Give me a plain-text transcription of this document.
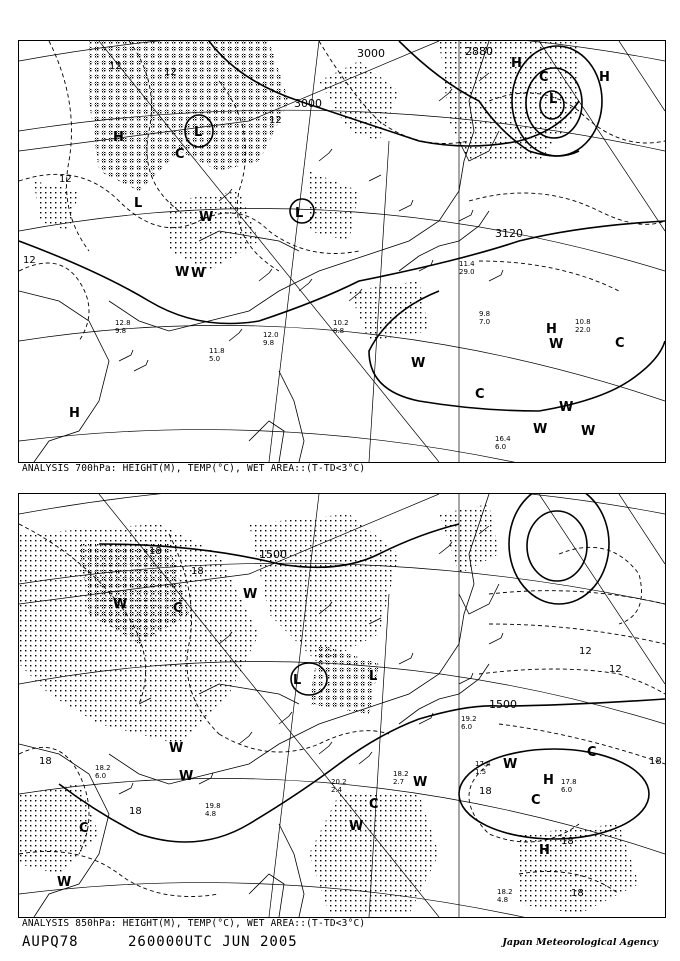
3000
3120
3000	2880
12
12
12
12
12
H	L
C
L
W
W
W
H
W
C
W	C
W
H
W
W
L
C
L
H
H
9.8
7.0	10.8
22.0
16.4
6.0
11.4
29.0
10.2
8.8
12.0
9.8
11.8
5.0
12.8
9.8
ANALYSIS 700hPa: HEIGHT(M), TEMP(°C), WET AREA::(T-TD<3°C)
1500
1500
18
18
18
18
18
18
12
12
18
18
W	C
L
W
L
W
W
C
W
C
H
W
C
C
W
H
W
17.4
1.5
17.8
6.0
18.2
4.8
18.2
2.7
19.2
6.0
20.2
2.4
19.8
4.8
18.2
6.0
ANALYSIS 850hPa: HEIGHT(M), TEMP(°C), WET AREA::(T-TD<3°C)
AUPQ78	260000UTC JUN 2005	Japan Meteorological Agency
